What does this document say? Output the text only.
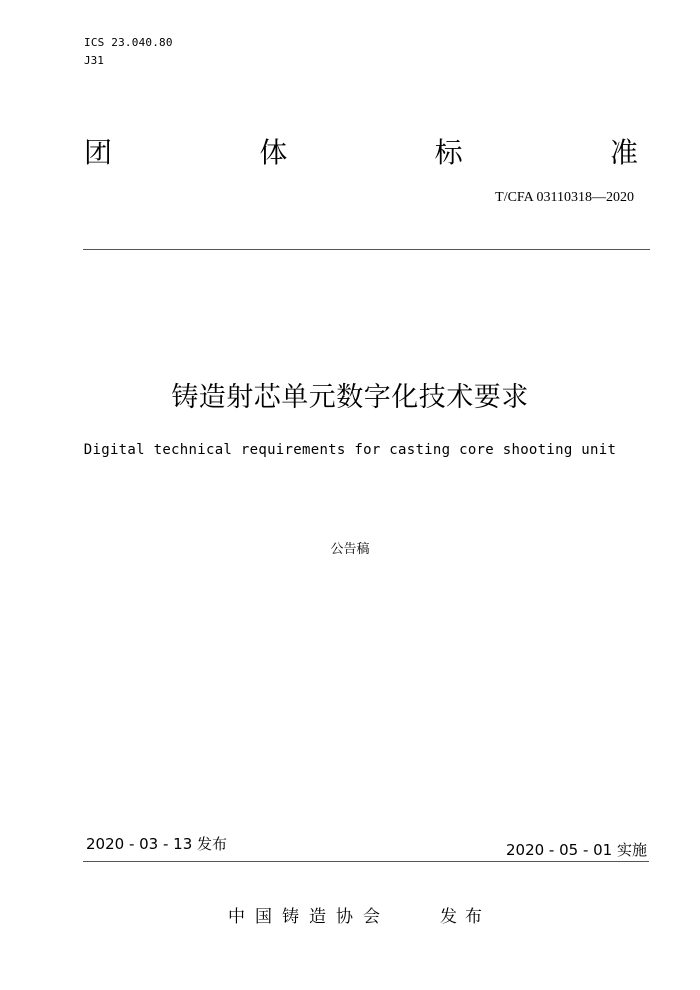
ICS 23.040.80
J31
团	体	标	准
T/CFA 03110318—2020
铸造射芯单元数字化技术要求
Digital technical requirements for casting core shooting unit
公告稿
2020 - 03 - 13 发布	2020 - 05 - 01 实施
中国铸造协会	发布
